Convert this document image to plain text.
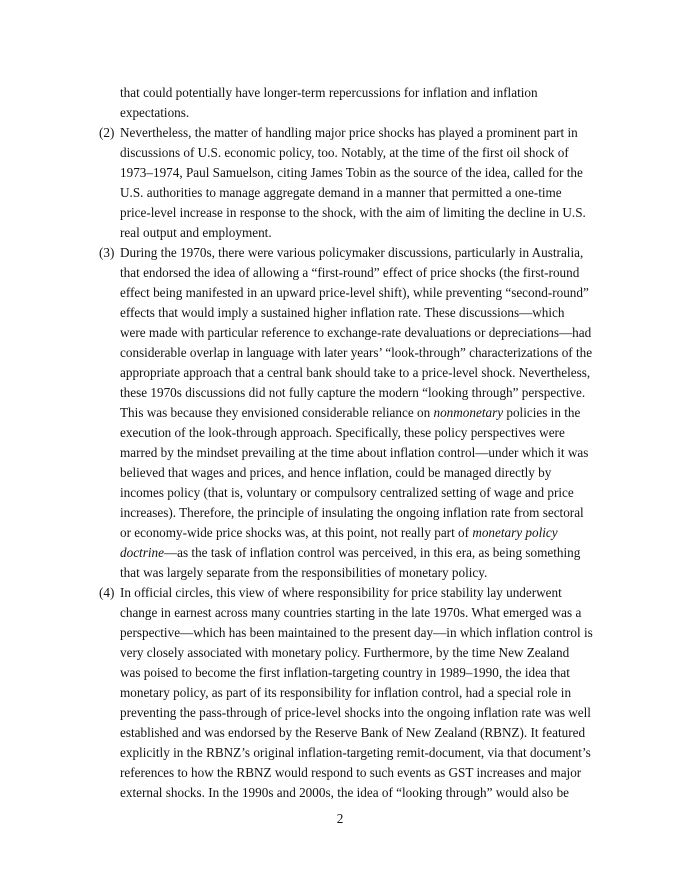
that could potentially have longer-term repercussions for inflation and inflation
expectations.
(2) Nevertheless, the matter of handling major price shocks has played a prominent part in
discussions of U.S. economic policy, too. Notably, at the time of the first oil shock of
1973–1974, Paul Samuelson, citing James Tobin as the source of the idea, called for the
U.S. authorities to manage aggregate demand in a manner that permitted a one-time
price-level increase in response to the shock, with the aim of limiting the decline in U.S.
real output and employment.
(3) During the 1970s, there were various policymaker discussions, particularly in Australia,
that endorsed the idea of allowing a “first-round” effect of price shocks (the first-round
effect being manifested in an upward price-level shift), while preventing “second-round”
effects that would imply a sustained higher inflation rate. These discussions—which
were made with particular reference to exchange-rate devaluations or depreciations—had
considerable overlap in language with later years’ “look-through” characterizations of the
appropriate approach that a central bank should take to a price-level shock. Nevertheless,
these 1970s discussions did not fully capture the modern “looking through” perspective.
This was because they envisioned considerable reliance on nonmonetary policies in the
execution of the look-through approach. Specifically, these policy perspectives were
marred by the mindset prevailing at the time about inflation control—under which it was
believed that wages and prices, and hence inflation, could be managed directly by
incomes policy (that is, voluntary or compulsory centralized setting of wage and price
increases). Therefore, the principle of insulating the ongoing inflation rate from sectoral
or economy-wide price shocks was, at this point, not really part of monetary policy
doctrine—as the task of inflation control was perceived, in this era, as being something
that was largely separate from the responsibilities of monetary policy.
(4) In official circles, this view of where responsibility for price stability lay underwent
change in earnest across many countries starting in the late 1970s. What emerged was a
perspective—which has been maintained to the present day—in which inflation control is
very closely associated with monetary policy. Furthermore, by the time New Zealand
was poised to become the first inflation-targeting country in 1989–1990, the idea that
monetary policy, as part of its responsibility for inflation control, had a special role in
preventing the pass-through of price-level shocks into the ongoing inflation rate was well
established and was endorsed by the Reserve Bank of New Zealand (RBNZ). It featured
explicitly in the RBNZ’s original inflation-targeting remit-document, via that document’s
references to how the RBNZ would respond to such events as GST increases and major
external shocks. In the 1990s and 2000s, the idea of “looking through” would also be
2
